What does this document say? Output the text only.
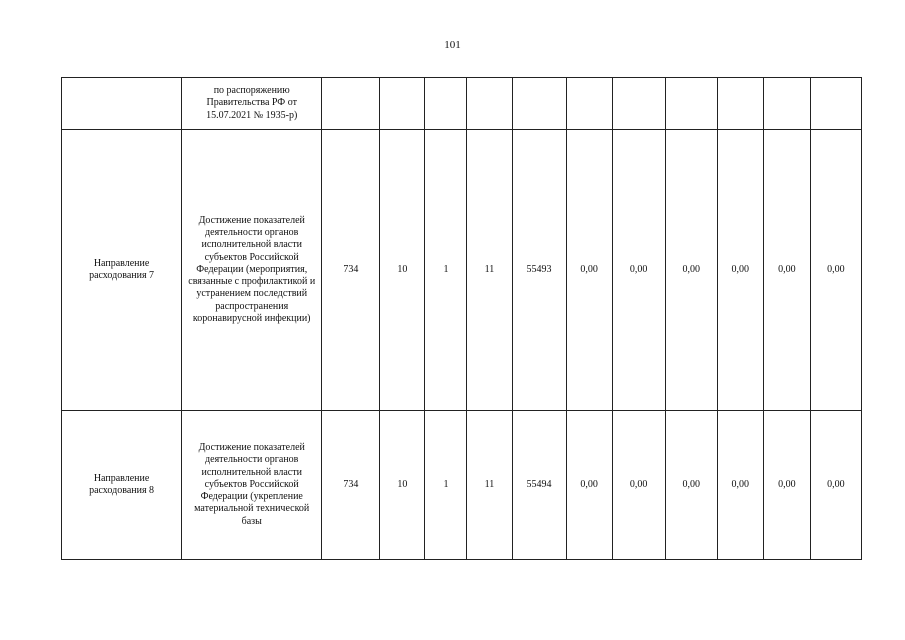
101
	по распоряжению Правительства РФ от 15.07.2021 № 1935-р)											
Направление расходования 7	Достижение показателей деятельности органов исполнительной власти субъектов Российской Федерации (мероприятия, связанные с профилактикой и устранением последствий распространения коронавирусной инфекции)	734	10	1	11	55493	0,00	0,00	0,00	0,00	0,00	0,00
Направление расходования 8	Достижение показателей деятельности органов исполнительной власти субъектов Российской Федерации (укрепление материальной технической базы	734	10	1	11	55494	0,00	0,00	0,00	0,00	0,00	0,00
